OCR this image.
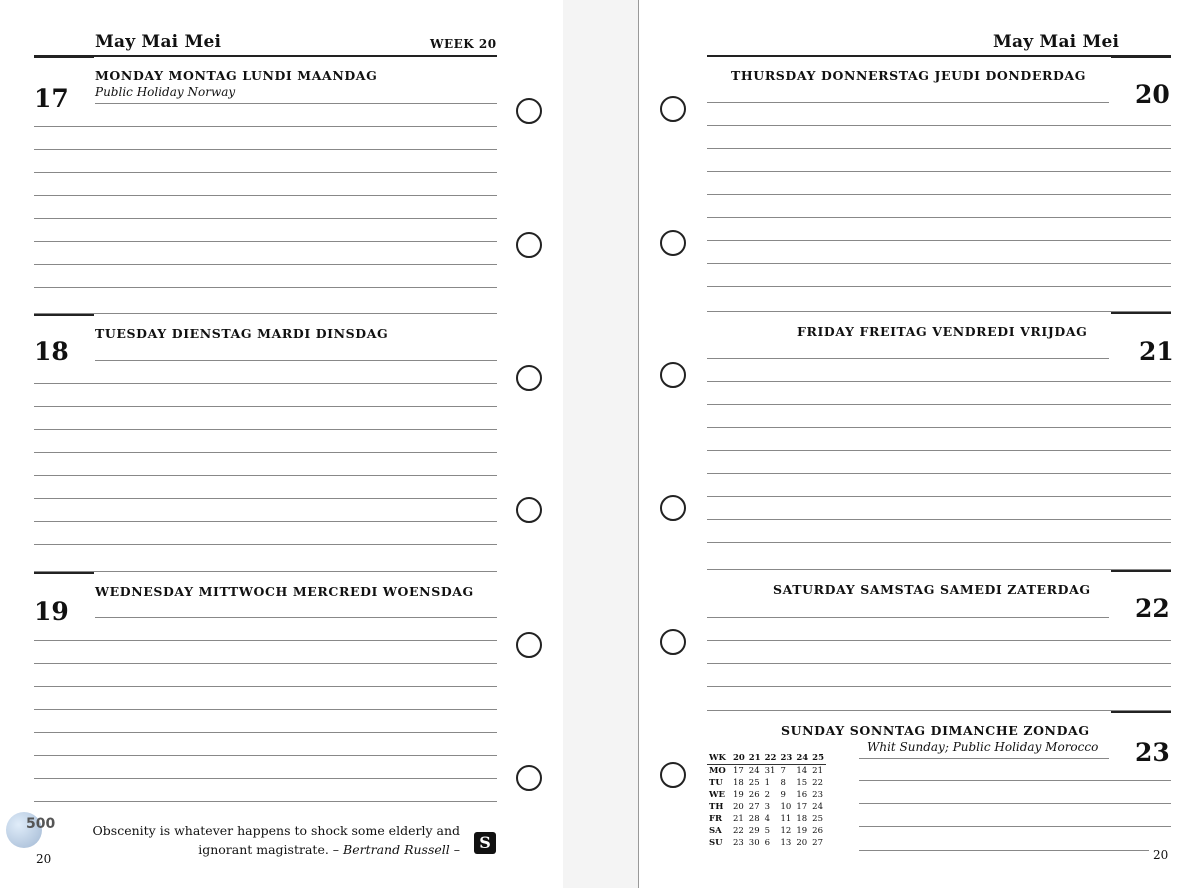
May Mai Mei	WEEK 20
17
MONDAY MONTAG LUNDI MAANDAG
Public Holiday Norway
18
TUESDAY DIENSTAG MARDI DINSDAG
19
WEDNESDAY MITTWOCH MERCREDI WOENSDAG
Obscenity is whatever happens to shock some elderly and ignorant magistrate. – Bertrand Russell –	S
20
500
May Mai Mei
THURSDAY DONNERSTAG JEUDI DONDERDAG
20
FRIDAY FREITAG VENDREDI VRIJDAG
21
SATURDAY SAMSTAG SAMEDI ZATERDAG
22
SUNDAY SONNTAG DIMANCHE ZONDAG
Whit Sunday; Public Holiday Morocco 23
WK	20	21	22	23	24	25
MO	17	24	31	7	14	21
TU	18	25	1	8	15	22
WE	19	26	2	9	16	23
TH	20	27	3	10	17	24
FR	21	28	4	11	18	25
SA	22	29	5	12	19	26
SU	23	30	6	13	20	27
20
